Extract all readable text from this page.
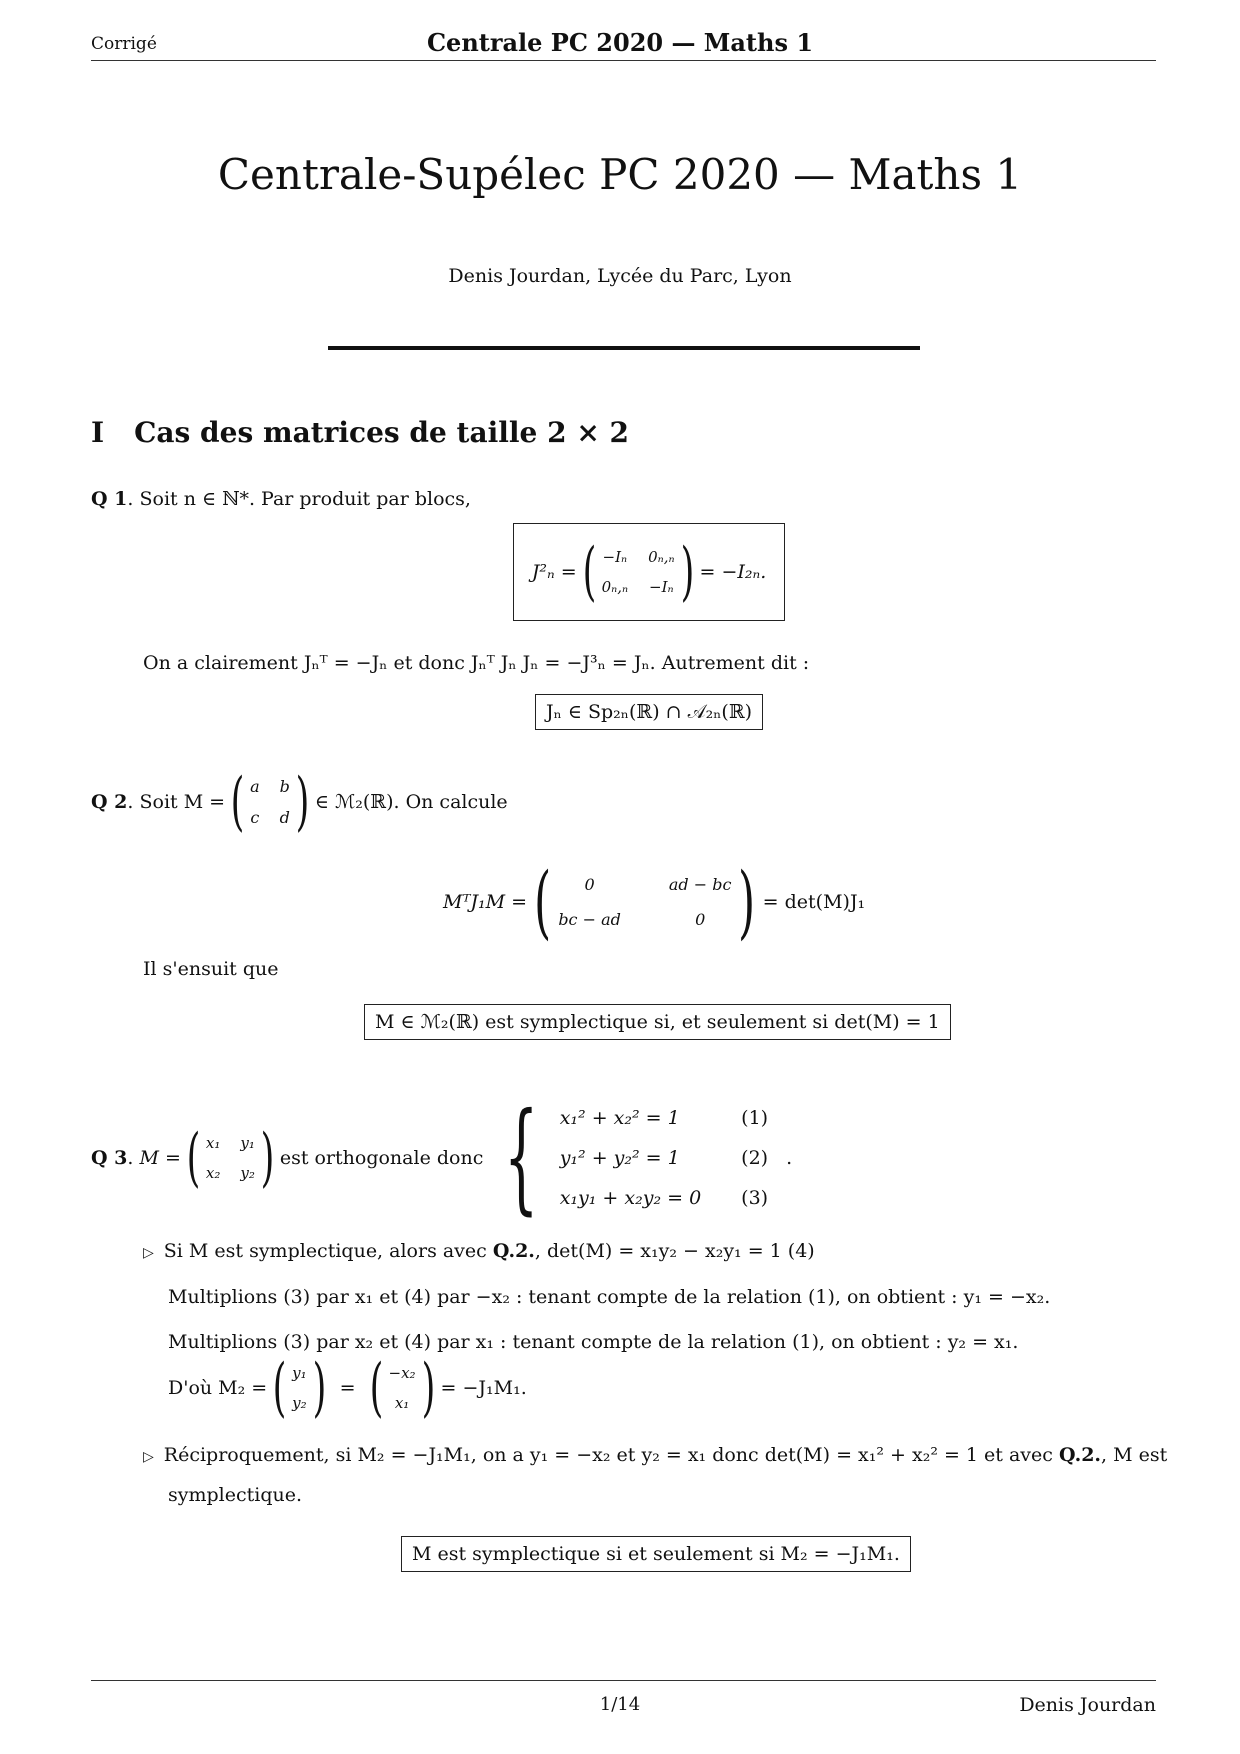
Corrigé	Centrale PC 2020 — Maths 1
Centrale-Supélec PC 2020 — Maths 1
Denis Jourdan, Lycée du Parc, Lyon
I Cas des matrices de taille 2 × 2
Q 1. Soit n ∈ ℕ*. Par produit par blocs,
J²ₙ = ( −Iₙ 0ₙ,ₙ
0ₙ,ₙ −Iₙ ) = −I₂ₙ.
On a clairement Jₙᵀ = −Jₙ et donc Jₙᵀ Jₙ Jₙ = −J³ₙ = Jₙ. Autrement dit :
Jₙ ∈ Sp₂ₙ(ℝ) ∩ 𝒜₂ₙ(ℝ)
Q 2 . Soit M = ( a b
c d ) ∈ ℳ₂(ℝ). On calcule
MᵀJ₁M = (	0	ad − bc
bc − ad	0 ) = det(M)J₁
Il s'ensuit que
M ∈ ℳ₂(ℝ) est symplectique si, et seulement si det(M) = 1
Q 3 . M = ( x₁ y₁
x₂ y₂ ) est orthogonale donc { x₁² + x₂² = 1	(1)
y₁² + y₂² = 1	(2)
x₁y₁ + x₂y₂ = 0 (3)
.
▷ Si M est symplectique, alors avec Q.2., det(M) = x₁y₂ − x₂y₁ = 1 (4)
Multiplions (3) par x₁ et (4) par −x₂ : tenant compte de la relation (1), on obtient : y₁ = −x₂.
Multiplions (3) par x₂ et (4) par x₁ : tenant compte de la relation (1), on obtient : y₂ = x₁.
D'où M₂ = ( y₁
y₂ ) = ( −x₂
x₁ ) = −J₁M₁.
▷ Réciproquement, si M₂ = −J₁M₁, on a y₁ = −x₂ et y₂ = x₁ donc det(M) = x₁² + x₂² = 1 et avec Q.2., M est
symplectique.
M est symplectique si et seulement si M₂ = −J₁M₁.
1/14	Denis Jourdan
